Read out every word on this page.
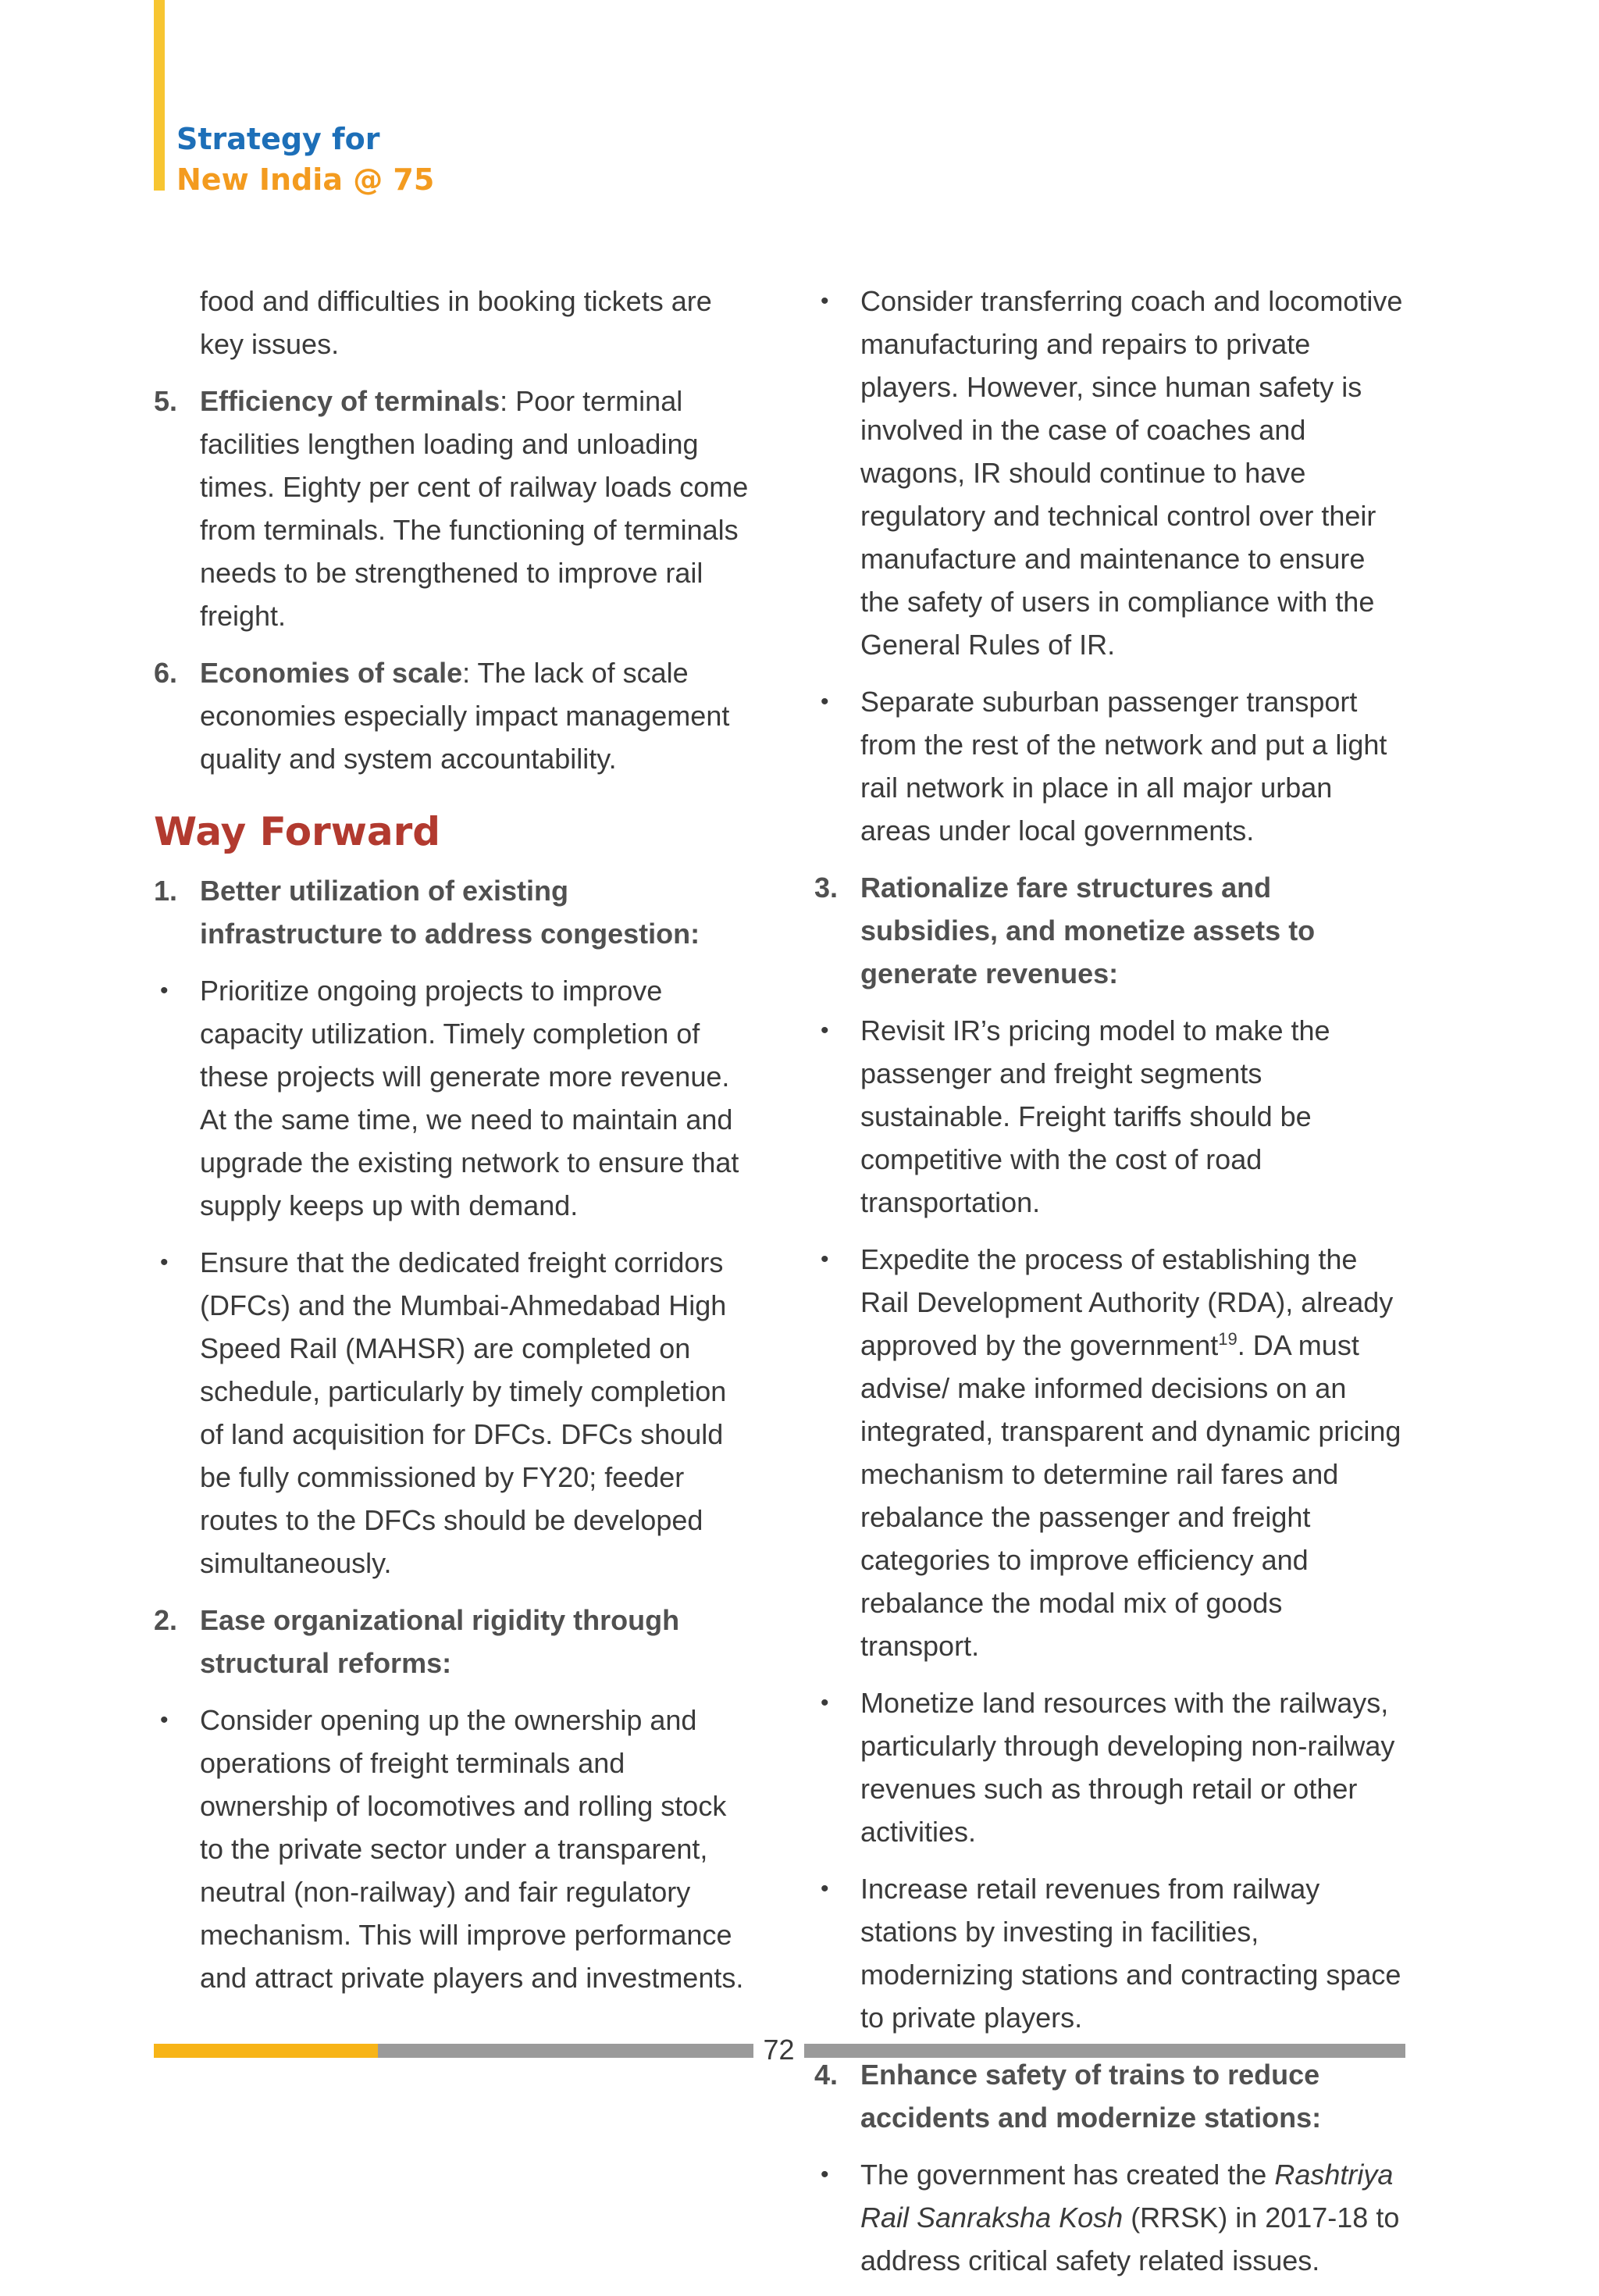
Strategy for
New India @ 75

food and difficulties in booking tickets are key issues.

5. Efficiency of terminals: Poor terminal facilities lengthen loading and unloading times. Eighty per cent of railway loads come from terminals. The functioning of terminals needs to be strengthened to improve rail freight.
6. Economies of scale: The lack of scale economies especially impact management quality and system accountability.
Way Forward
1. Better utilization of existing infrastructure to address congestion:
• Prioritize ongoing projects to improve capacity utilization. Timely completion of these projects will generate more revenue. At the same time, we need to maintain and upgrade the existing network to ensure that supply keeps up with demand.
• Ensure that the dedicated freight corridors (DFCs) and the Mumbai-Ahmedabad High Speed Rail (MAHSR) are completed on schedule, particularly by timely completion of land acquisition for DFCs. DFCs should be fully commissioned by FY20; feeder routes to the DFCs should be developed simultaneously.
2. Ease organizational rigidity through structural reforms:
• Consider opening up the ownership and operations of freight terminals and ownership of locomotives and rolling stock to the private sector under a transparent, neutral (non-railway) and fair regulatory mechanism. This will improve performance and attract private players and investments.
• Consider transferring coach and locomotive manufacturing and repairs to private players. However, since human safety is involved in the case of coaches and wagons, IR should continue to have regulatory and technical control over their manufacture and maintenance to ensure the safety of users in compliance with the General Rules of IR.
• Separate suburban passenger transport from the rest of the network and put a light rail network in place in all major urban areas under local governments.
3. Rationalize fare structures and subsidies, and monetize assets to generate revenues:
• Revisit IR’s pricing model to make the passenger and freight segments sustainable. Freight tariffs should be competitive with the cost of road transportation.
• Expedite the process of establishing the Rail Development Authority (RDA), already approved by the government$^{19}$. DA must advise/ make informed decisions on an integrated, transparent and dynamic pricing mechanism to determine rail fares and rebalance the passenger and freight categories to improve efficiency and rebalance the modal mix of goods transport.
• Monetize land resources with the railways, particularly through developing non-railway revenues such as through retail or other activities.
• Increase retail revenues from railway stations by investing in facilities, modernizing stations and contracting space to private players.
4. Enhance safety of trains to reduce accidents and modernize stations:
• The government has created the Rashtriya Rail Sanraksha Kosh (RRSK) in 2017-18 to address critical safety related issues.
72
